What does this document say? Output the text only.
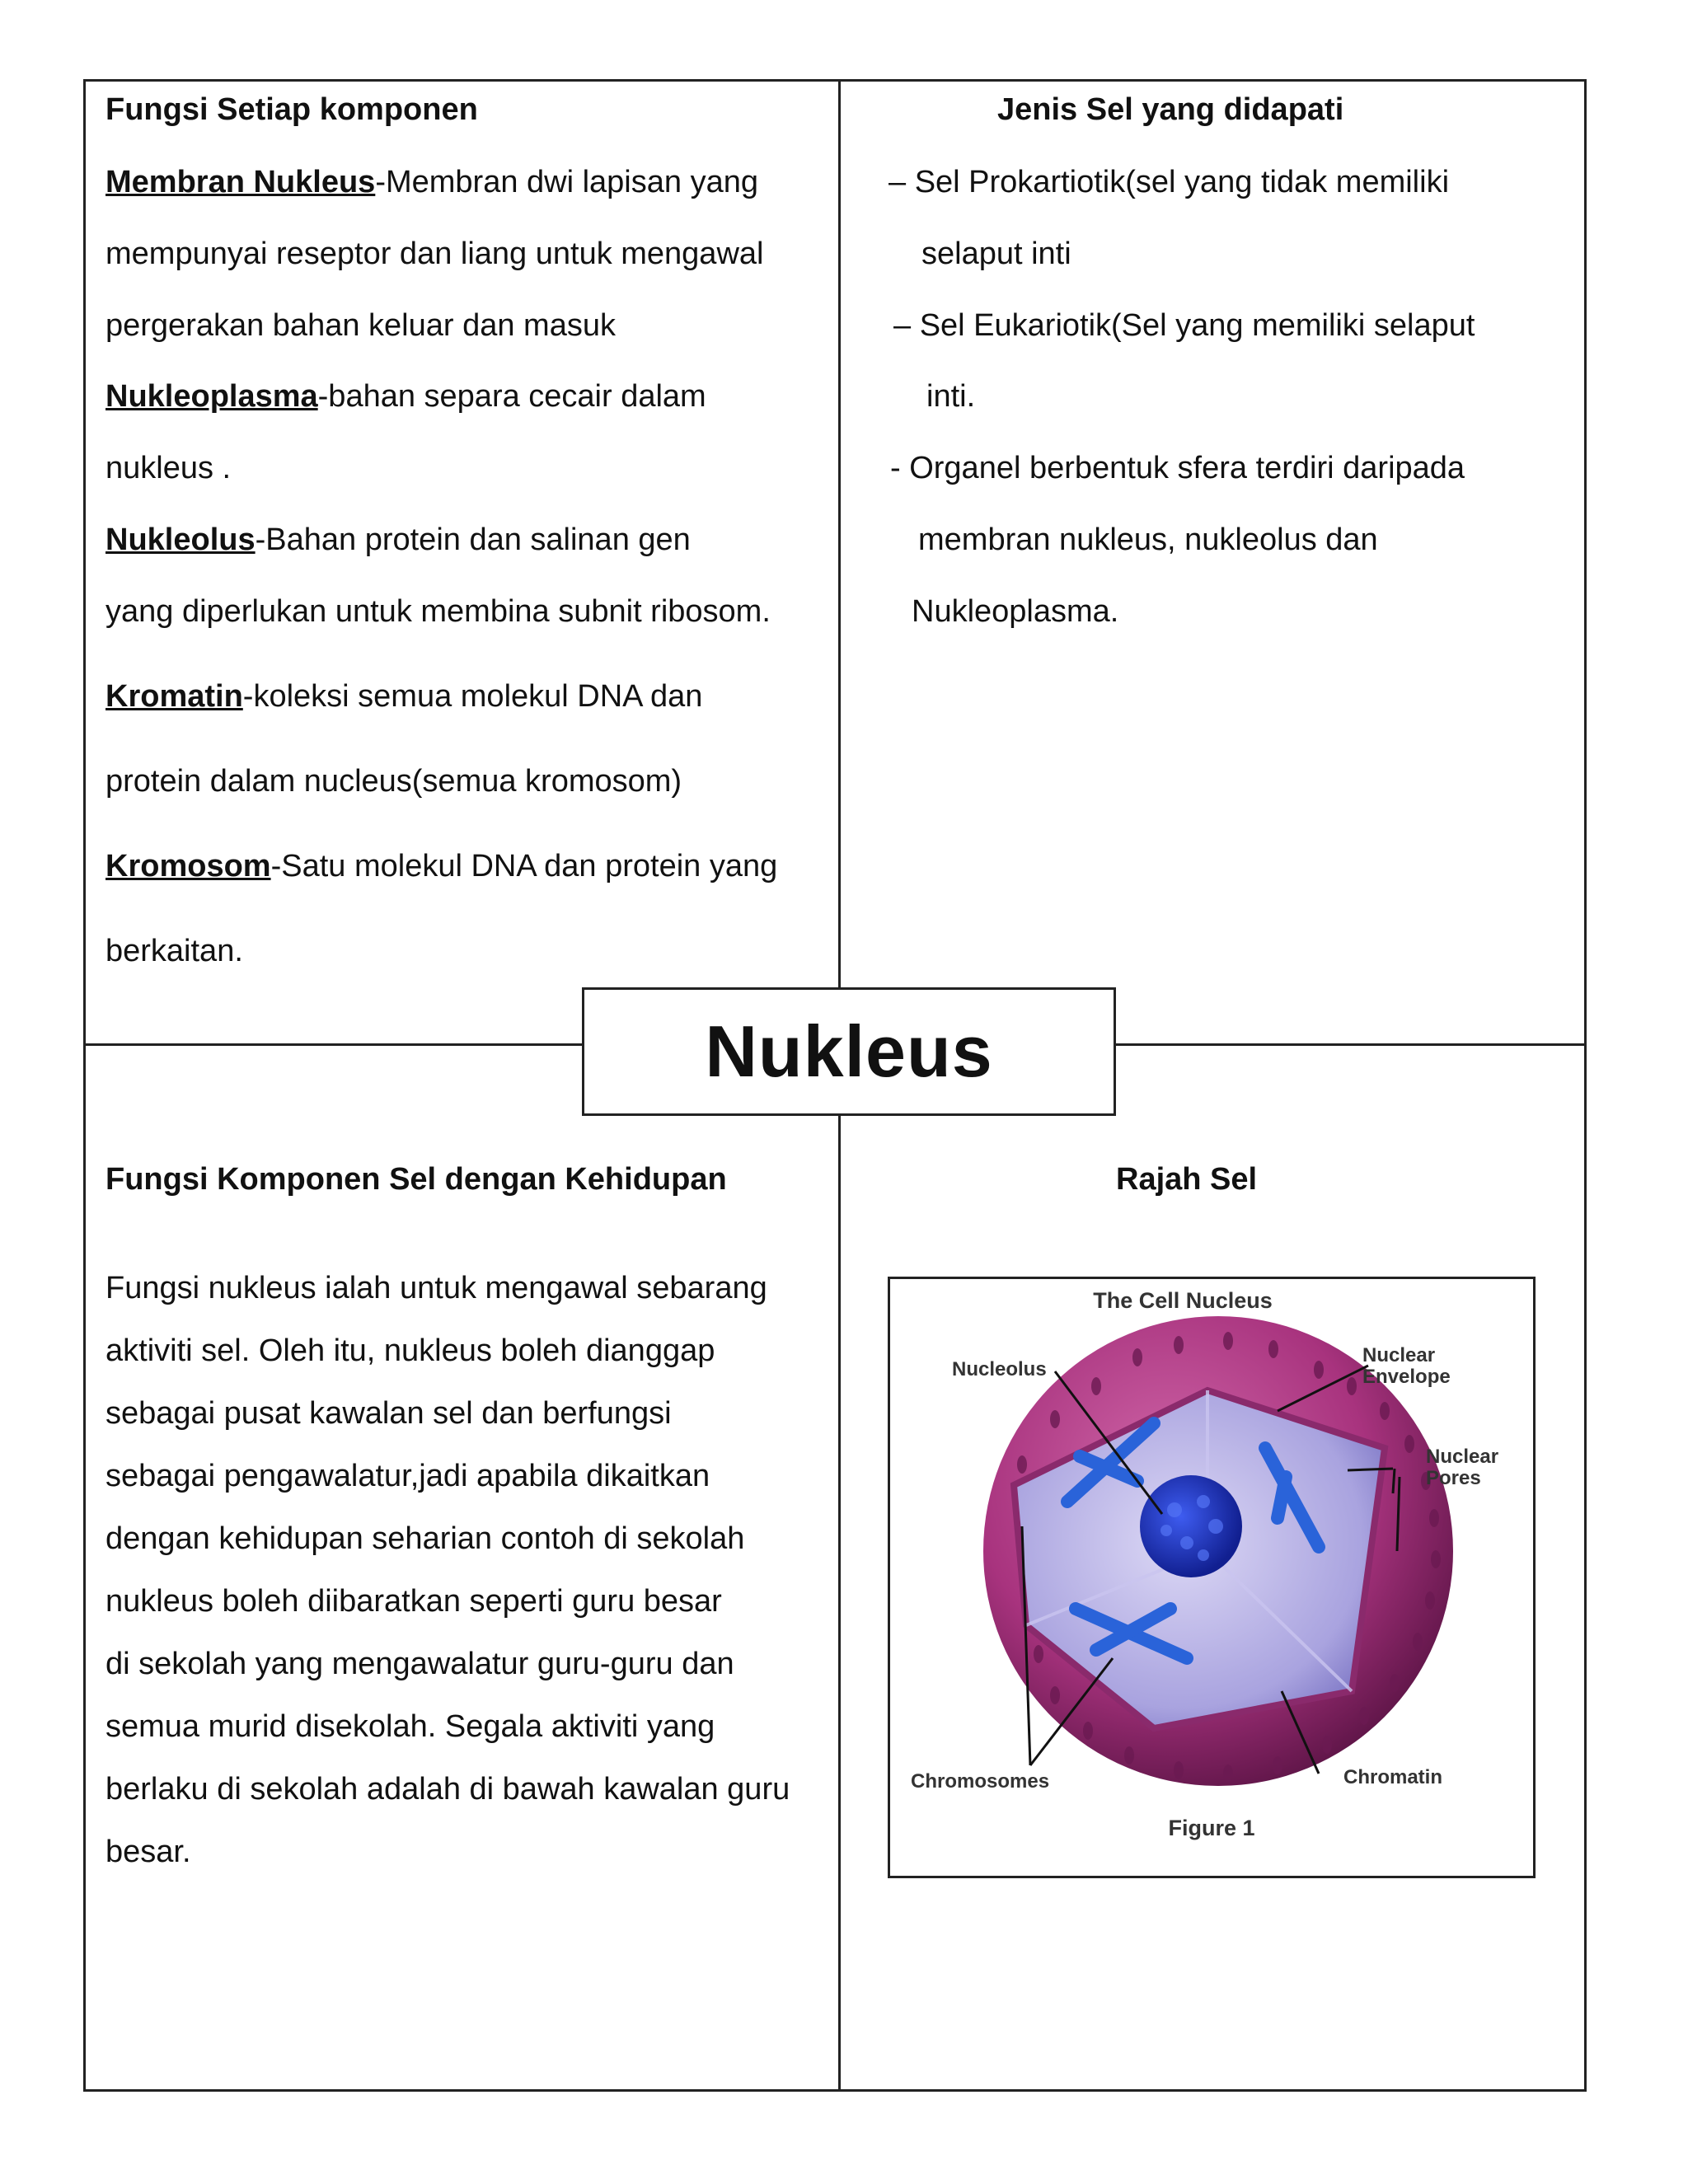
Fungsi Setiap komponen
Membran Nukleus-Membran dwi lapisan yang
mempunyai reseptor dan liang untuk mengawal
pergerakan bahan keluar dan masuk
Nukleoplasma-bahan separa cecair dalam
nukleus .
Nukleolus-Bahan protein dan salinan gen
yang diperlukan untuk membina subnit ribosom.
Kromatin-koleksi semua molekul DNA dan
protein dalam nucleus(semua kromosom)
Kromosom-Satu molekul DNA dan protein yang
berkaitan.
Jenis Sel yang didapati
– Sel Prokartiotik(sel yang tidak memiliki
selaput inti
– Sel Eukariotik(Sel yang memiliki selaput
inti.
- Organel berbentuk sfera terdiri daripada
membran nukleus, nukleolus dan
Nukleoplasma.
Nukleus
Fungsi Komponen Sel dengan Kehidupan
Fungsi nukleus ialah untuk mengawal sebarang
aktiviti sel. Oleh itu, nukleus boleh dianggap
sebagai pusat kawalan sel dan berfungsi
sebagai pengawalatur,jadi apabila dikaitkan
dengan kehidupan seharian contoh di sekolah
nukleus boleh diibaratkan seperti guru besar
di sekolah yang mengawalatur guru-guru dan
semua murid disekolah. Segala aktiviti yang
berlaku di sekolah adalah di bawah kawalan guru
besar.
Rajah Sel
The Cell Nucleus
Nucleolus
Nuclear
Envelope
Nuclear
Pores
Chromosomes	Chromatin
Figure 1
